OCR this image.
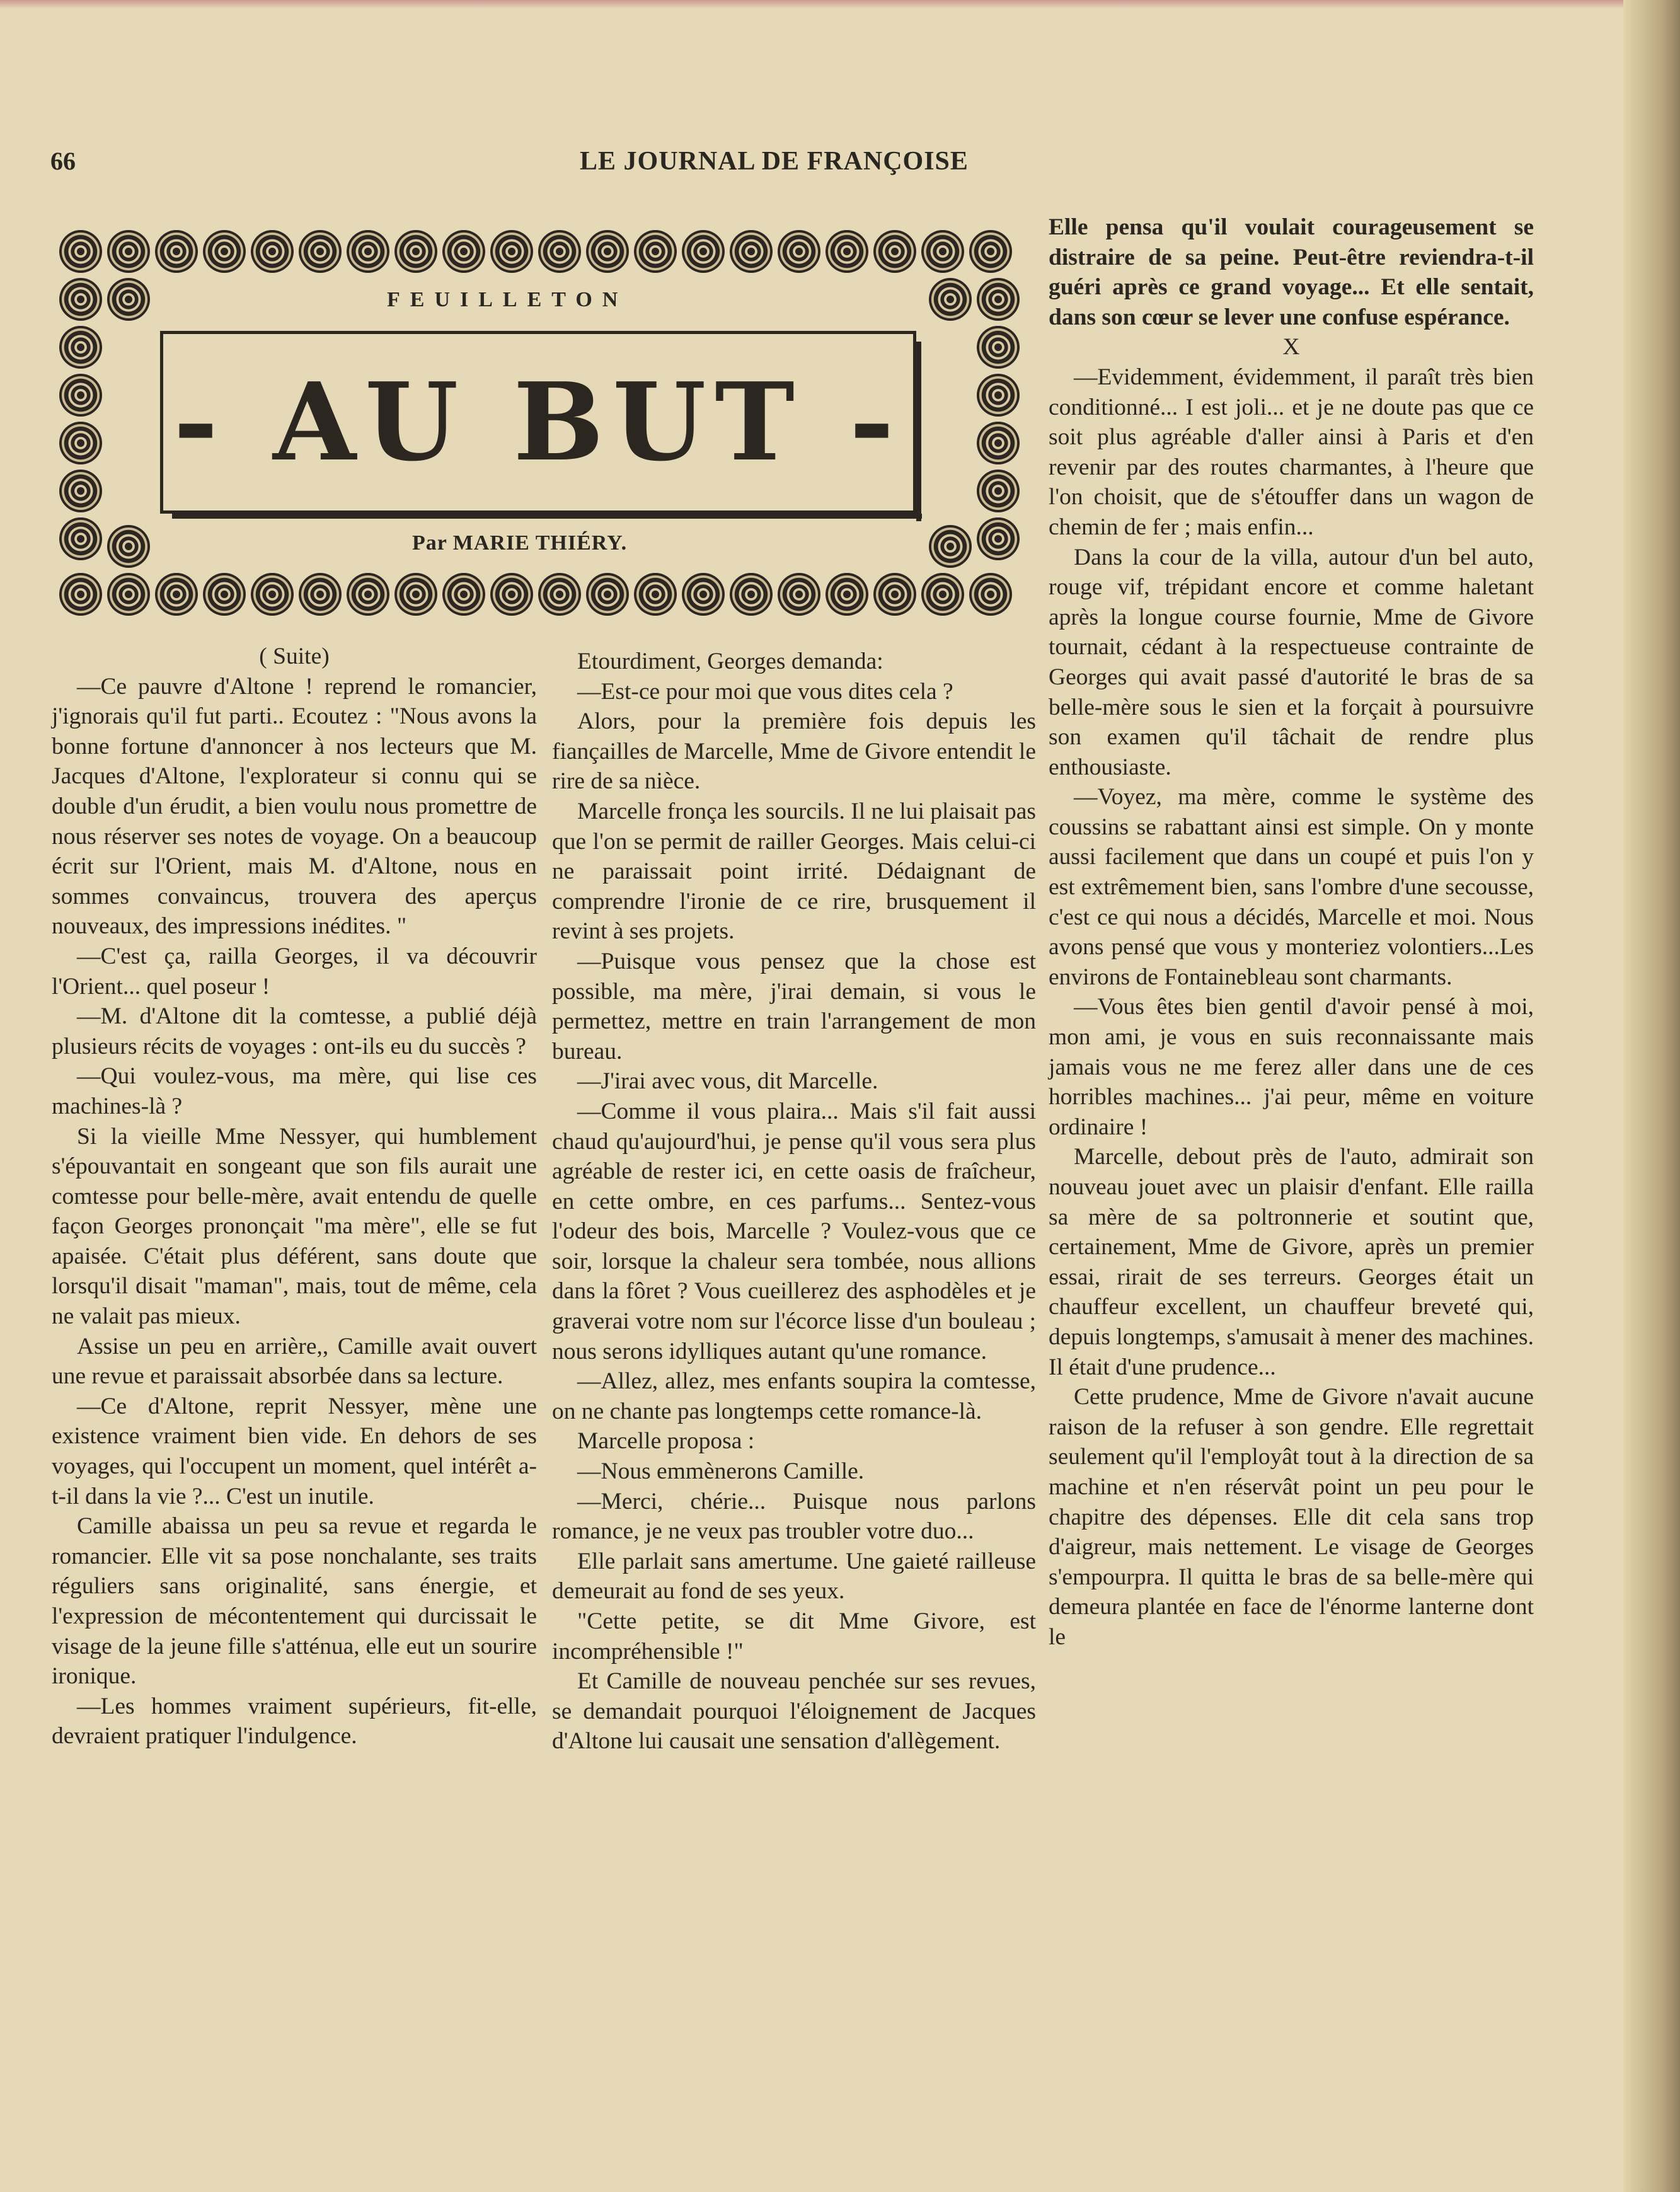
66	LE JOURNAL DE FRANÇOISE
FEUILLETON
- AU BUT -
Par MARIE THIÉRY.

( Suite)

—Ce pauvre d'Altone ! reprend le romancier, j'ignorais qu'il fut parti.. Ecoutez : "Nous avons la bonne fortune d'annoncer à nos lecteurs que M. Jacques d'Altone, l'explorateur si connu qui se double d'un érudit, a bien voulu nous promettre de nous réserver ses notes de voyage. On a beaucoup écrit sur l'Orient, mais M. d'Altone, nous en sommes convaincus, trouvera des aperçus nouveaux, des impressions inédites. "

—C'est ça, railla Georges, il va découvrir l'Orient... quel poseur !

—M. d'Altone dit la comtesse, a publié déjà plusieurs récits de voyages : ont-ils eu du succès ?

—Qui voulez-vous, ma mère, qui lise ces machines-là ?

Si la vieille Mme Nessyer, qui humblement s'épouvantait en songeant que son fils aurait une comtesse pour belle-mère, avait entendu de quelle façon Georges prononçait "ma mère", elle se fut apaisée. C'était plus déférent, sans doute que lorsqu'il disait "maman", mais, tout de même, cela ne valait pas mieux.

Assise un peu en arrière,, Camille avait ouvert une revue et paraissait absorbée dans sa lecture.

—Ce d'Altone, reprit Nessyer, mène une existence vraiment bien vide. En dehors de ses voyages, qui l'occupent un moment, quel intérêt a-t-il dans la vie ?... C'est un inutile.

Camille abaissa un peu sa revue et regarda le romancier. Elle vit sa pose nonchalante, ses traits réguliers sans originalité, sans énergie, et l'expression de mécontentement qui durcissait le visage de la jeune fille s'atténua, elle eut un sourire ironique.

—Les hommes vraiment supérieurs, fit-elle, devraient pratiquer l'indulgence.

Etourdiment, Georges demanda:

—Est-ce pour moi que vous dites cela ?

Alors, pour la première fois depuis les fiançailles de Marcelle, Mme de Givore entendit le rire de sa nièce.

Marcelle fronça les sourcils. Il ne lui plaisait pas que l'on se permit de railler Georges. Mais celui-ci ne paraissait point irrité. Dédaignant de comprendre l'ironie de ce rire, brusquement il revint à ses projets.

—Puisque vous pensez que la chose est possible, ma mère, j'irai demain, si vous le permettez, mettre en train l'arrangement de mon bureau.

—J'irai avec vous, dit Marcelle.

—Comme il vous plaira... Mais s'il fait aussi chaud qu'aujourd'hui, je pense qu'il vous sera plus agréable de rester ici, en cette oasis de fraîcheur, en cette ombre, en ces parfums... Sentez-vous l'odeur des bois, Marcelle ? Voulez-vous que ce soir, lorsque la chaleur sera tombée, nous allions dans la fôret ? Vous cueillerez des asphodèles et je graverai votre nom sur l'écorce lisse d'un bouleau ; nous serons idylliques autant qu'une romance.

—Allez, allez, mes enfants soupira la comtesse, on ne chante pas longtemps cette romance-là.

Marcelle proposa :

—Nous emmènerons Camille.

—Merci, chérie... Puisque nous parlons romance, je ne veux pas troubler votre duo...

Elle parlait sans amertume. Une gaieté railleuse demeurait au fond de ses yeux.

"Cette petite, se dit Mme Givore, est incompréhensible !"

Et Camille de nouveau penchée sur ses revues, se demandait pourquoi l'éloignement de Jacques d'Altone lui causait une sensation d'allègement.

Elle pensa qu'il voulait courageusement se distraire de sa peine. Peut-être reviendra-t-il guéri après ce grand voyage... Et elle sentait, dans son cœur se lever une confuse espérance.

X

—Evidemment, évidemment, il paraît très bien conditionné... I est joli... et je ne doute pas que ce soit plus agréable d'aller ainsi à Paris et d'en revenir par des routes charmantes, à l'heure que l'on choisit, que de s'étouffer dans un wagon de chemin de fer ; mais enfin...

Dans la cour de la villa, autour d'un bel auto, rouge vif, trépidant encore et comme haletant après la longue course fournie, Mme de Givore tournait, cédant à la respectueuse contrainte de Georges qui avait passé d'autorité le bras de sa belle-mère sous le sien et la forçait à poursuivre son examen qu'il tâchait de rendre plus enthousiaste.

—Voyez, ma mère, comme le système des coussins se rabattant ainsi est simple. On y monte aussi facilement que dans un coupé et puis l'on y est extrêmement bien, sans l'ombre d'une secousse, c'est ce qui nous a décidés, Marcelle et moi. Nous avons pensé que vous y monteriez volontiers...Les environs de Fontainebleau sont charmants.

—Vous êtes bien gentil d'avoir pensé à moi, mon ami, je vous en suis reconnaissante mais jamais vous ne me ferez aller dans une de ces horribles machines... j'ai peur, même en voiture ordinaire !

Marcelle, debout près de l'auto, admirait son nouveau jouet avec un plaisir d'enfant. Elle railla sa mère de sa poltronnerie et soutint que, certainement, Mme de Givore, après un premier essai, rirait de ses terreurs. Georges était un chauffeur excellent, un chauffeur breveté qui, depuis longtemps, s'amusait à mener des machines. Il était d'une prudence...

Cette prudence, Mme de Givore n'avait aucune raison de la refuser à son gendre. Elle regrettait seulement qu'il l'employât tout à la direction de sa machine et n'en réservât point un peu pour le chapitre des dépenses. Elle dit cela sans trop d'aigreur, mais nettement. Le visage de Georges s'empourpra. Il quitta le bras de sa belle-mère qui demeura plantée en face de l'énorme lanterne dont le
